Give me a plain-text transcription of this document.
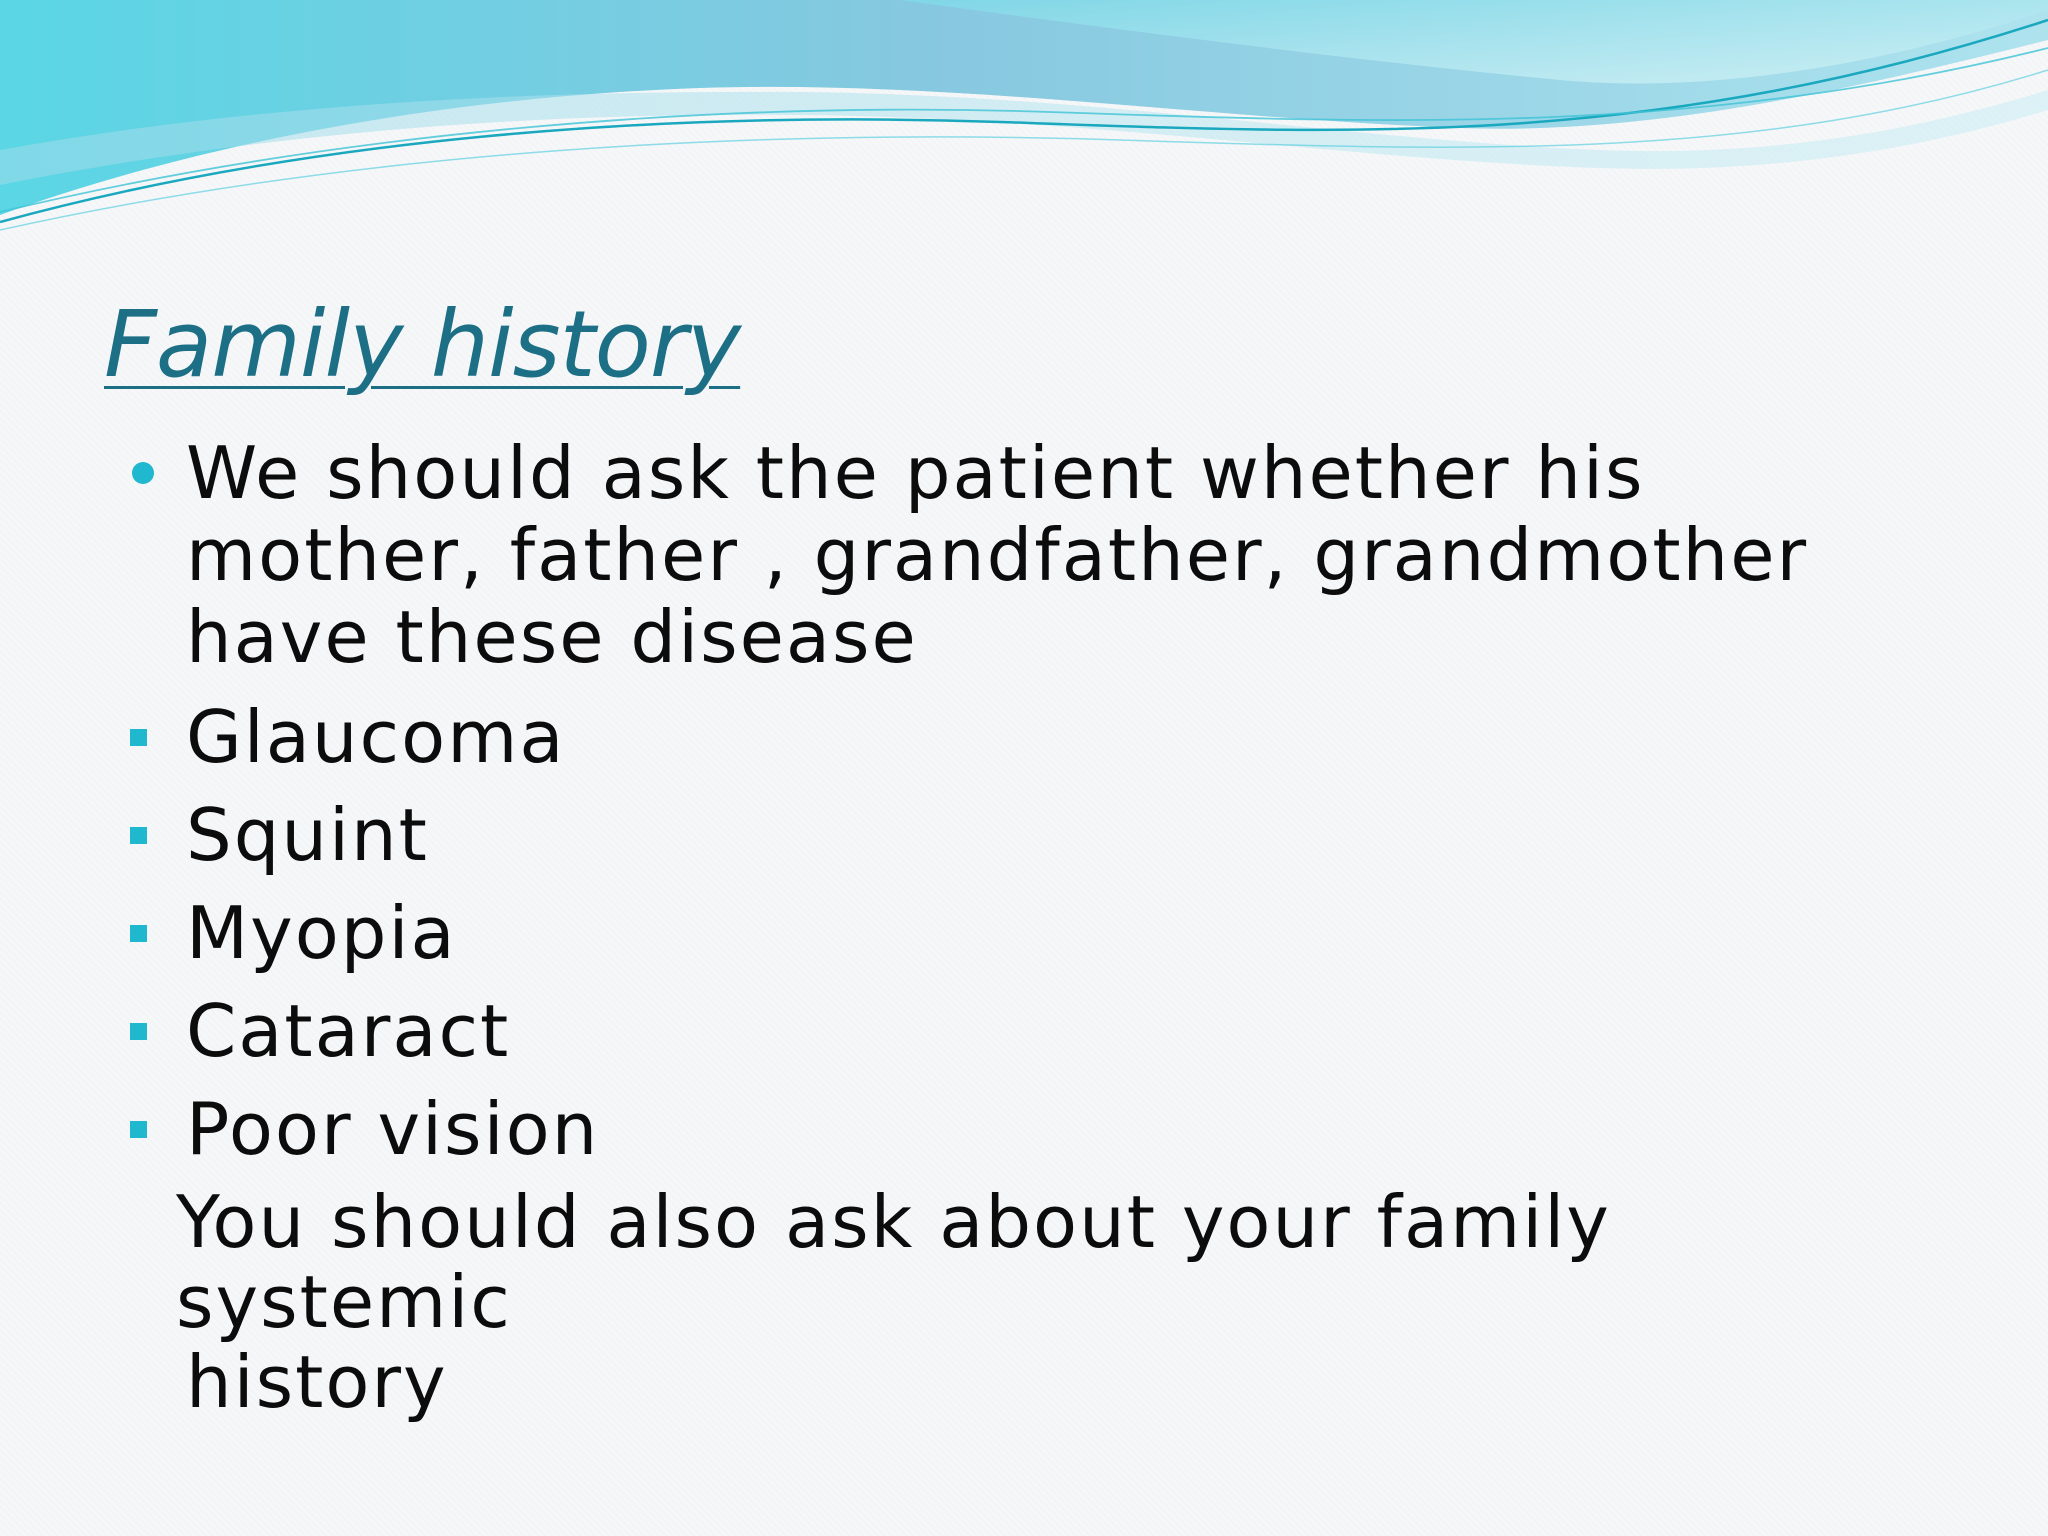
Family history
We should ask the patient whether his mother, father , grandfather, grandmother have these disease
Glaucoma
Squint
Myopia
Cataract
Poor vision
You should also ask about your family systemic
history
